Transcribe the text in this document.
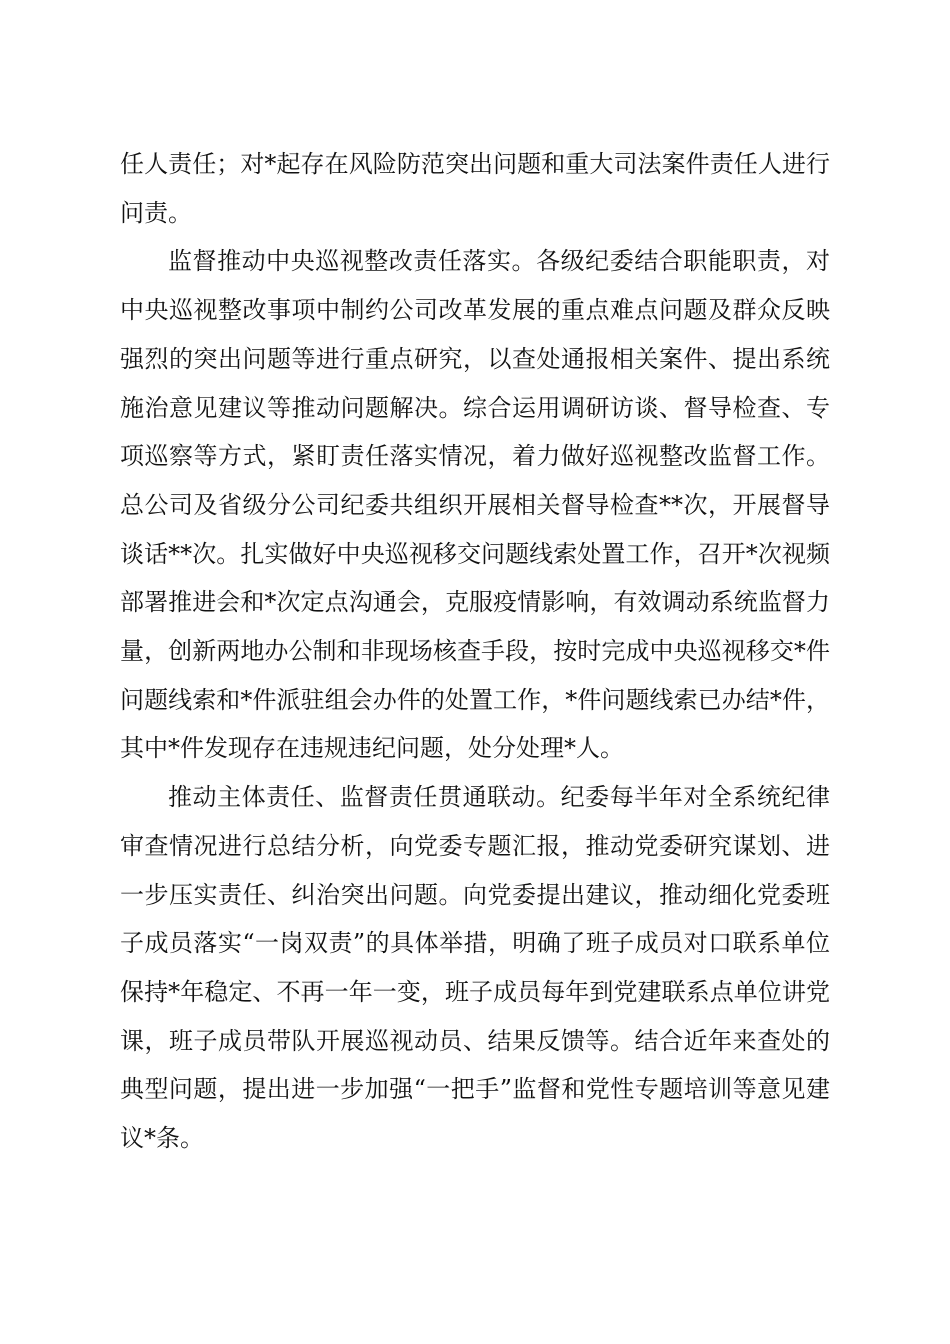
任人责任；对*起存在风险防范突出问题和重大司法案件责任人进行问责。

监督推动中央巡视整改责任落实。各级纪委结合职能职责，对中央巡视整改事项中制约公司改革发展的重点难点问题及群众反映强烈的突出问题等进行重点研究，以查处通报相关案件、提出系统施治意见建议等推动问题解决。综合运用调研访谈、督导检查、专项巡察等方式，紧盯责任落实情况，着力做好巡视整改监督工作。总公司及省级分公司纪委共组织开展相关督导检查**次，开展督导谈话**次。扎实做好中央巡视移交问题线索处置工作，召开*次视频部署推进会和*次定点沟通会，克服疫情影响，有效调动系统监督力量，创新两地办公制和非现场核查手段，按时完成中央巡视移交*件问题线索和*件派驻组会办件的处置工作，*件问题线索已办结*件，其中*件发现存在违规违纪问题，处分处理*人。

推动主体责任、监督责任贯通联动。纪委每半年对全系统纪律审查情况进行总结分析，向党委专题汇报，推动党委研究谋划、进一步压实责任、纠治突出问题。向党委提出建议，推动细化党委班子成员落实“一岗双责”的具体举措，明确了班子成员对口联系单位保持*年稳定、不再一年一变，班子成员每年到党建联系点单位讲党课，班子成员带队开展巡视动员、结果反馈等。结合近年来查处的典型问题，提出进一步加强“一把手”监督和党性专题培训等意见建议*条。
